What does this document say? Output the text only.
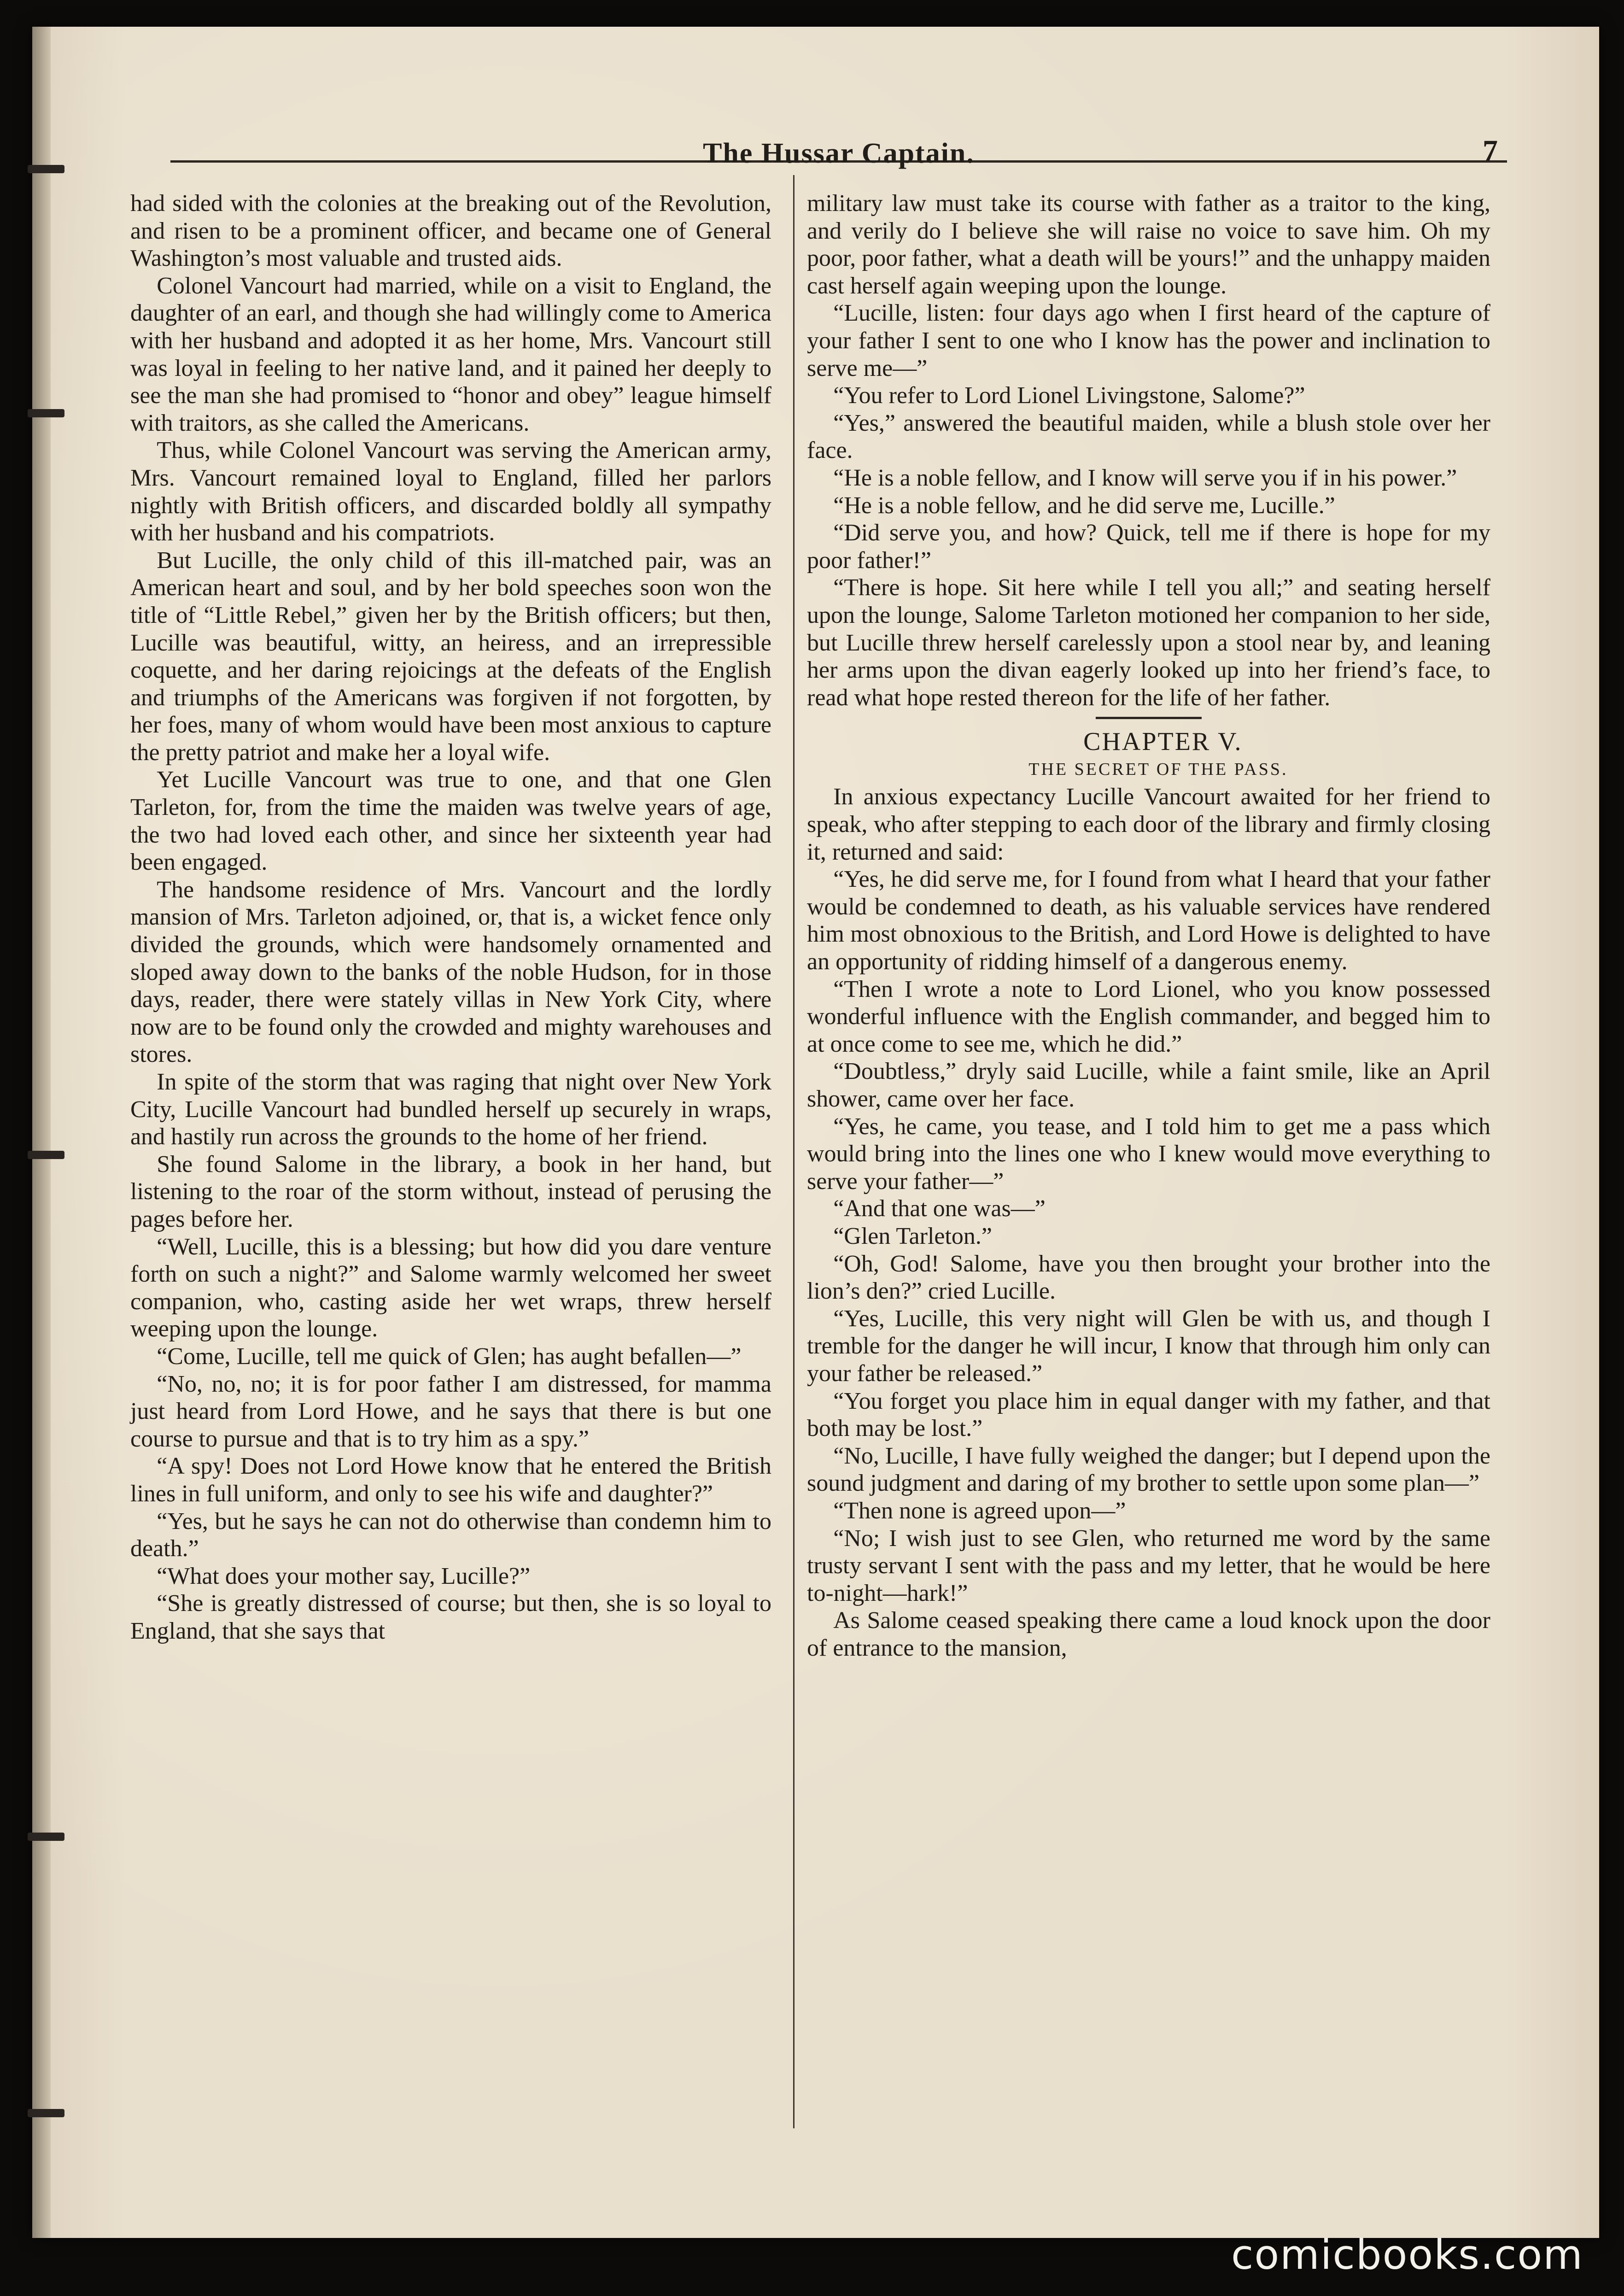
The Hussar Captain.	7

had sided with the colonies at the breaking out of the Revolution, and risen to be a prominent officer, and became one of General Washington’s most valuable and trusted aids.

Colonel Vancourt had married, while on a visit to England, the daughter of an earl, and though she had willingly come to America with her husband and adopted it as her home, Mrs. Vancourt still was loyal in feeling to her native land, and it pained her deeply to see the man she had promised to “honor and obey” league himself with traitors, as she called the Americans.

Thus, while Colonel Vancourt was serving the American army, Mrs. Vancourt remained loyal to England, filled her parlors nightly with British officers, and discarded boldly all sympathy with her husband and his compatriots.

But Lucille, the only child of this ill-matched pair, was an American heart and soul, and by her bold speeches soon won the title of “Little Rebel,” given her by the British officers; but then, Lucille was beautiful, witty, an heiress, and an irrepressible coquette, and her daring rejoicings at the defeats of the English and triumphs of the Americans was forgiven if not forgotten, by her foes, many of whom would have been most anxious to capture the pretty patriot and make her a loyal wife.

Yet Lucille Vancourt was true to one, and that one Glen Tarleton, for, from the time the maiden was twelve years of age, the two had loved each other, and since her sixteenth year had been engaged.

The handsome residence of Mrs. Vancourt and the lordly mansion of Mrs. Tarleton adjoined, or, that is, a wicket fence only divided the grounds, which were handsomely ornamented and sloped away down to the banks of the noble Hudson, for in those days, reader, there were stately villas in New York City, where now are to be found only the crowded and mighty warehouses and stores.

In spite of the storm that was raging that night over New York City, Lucille Vancourt had bundled herself up securely in wraps, and hastily run across the grounds to the home of her friend.

She found Salome in the library, a book in her hand, but listening to the roar of the storm without, instead of perusing the pages before her.

“Well, Lucille, this is a blessing; but how did you dare venture forth on such a night?” and Salome warmly welcomed her sweet companion, who, casting aside her wet wraps, threw herself weeping upon the lounge.

“Come, Lucille, tell me quick of Glen; has aught befallen—”

“No, no, no; it is for poor father I am distressed, for mamma just heard from Lord Howe, and he says that there is but one course to pursue and that is to try him as a spy.”

“A spy! Does not Lord Howe know that he entered the British lines in full uniform, and only to see his wife and daughter?”

“Yes, but he says he can not do otherwise than condemn him to death.”

“What does your mother say, Lucille?”

“She is greatly distressed of course; but then, she is so loyal to England, that she says that

military law must take its course with father as a traitor to the king, and verily do I believe she will raise no voice to save him. Oh my poor, poor father, what a death will be yours!” and the unhappy maiden cast herself again weeping upon the lounge.

“Lucille, listen: four days ago when I first heard of the capture of your father I sent to one who I know has the power and inclination to serve me—”

“You refer to Lord Lionel Livingstone, Salome?”

“Yes,” answered the beautiful maiden, while a blush stole over her face.

“He is a noble fellow, and I know will serve you if in his power.”

“He is a noble fellow, and he did serve me, Lucille.”

“Did serve you, and how? Quick, tell me if there is hope for my poor father!”

“There is hope. Sit here while I tell you all;” and seating herself upon the lounge, Salome Tarleton motioned her companion to her side, but Lucille threw herself carelessly upon a stool near by, and leaning her arms upon the divan eagerly looked up into her friend’s face, to read what hope rested thereon for the life of her father.

CHAPTER V.

THE SECRET OF THE PASS.

In anxious expectancy Lucille Vancourt awaited for her friend to speak, who after stepping to each door of the library and firmly closing it, returned and said:

“Yes, he did serve me, for I found from what I heard that your father would be condemned to death, as his valuable services have rendered him most obnoxious to the British, and Lord Howe is delighted to have an opportunity of ridding himself of a dangerous enemy.

“Then I wrote a note to Lord Lionel, who you know possessed wonderful influence with the English commander, and begged him to at once come to see me, which he did.”

“Doubtless,” dryly said Lucille, while a faint smile, like an April shower, came over her face.

“Yes, he came, you tease, and I told him to get me a pass which would bring into the lines one who I knew would move everything to serve your father—”

“And that one was—”

“Glen Tarleton.”

“Oh, God! Salome, have you then brought your brother into the lion’s den?” cried Lucille.

“Yes, Lucille, this very night will Glen be with us, and though I tremble for the danger he will incur, I know that through him only can your father be released.”

“You forget you place him in equal danger with my father, and that both may be lost.”

“No, Lucille, I have fully weighed the danger; but I depend upon the sound judgment and daring of my brother to settle upon some plan—”

“Then none is agreed upon—”

“No; I wish just to see Glen, who returned me word by the same trusty servant I sent with the pass and my letter, that he would be here to-night—hark!”

As Salome ceased speaking there came a loud knock upon the door of entrance to the mansion,

comicbooks.com
